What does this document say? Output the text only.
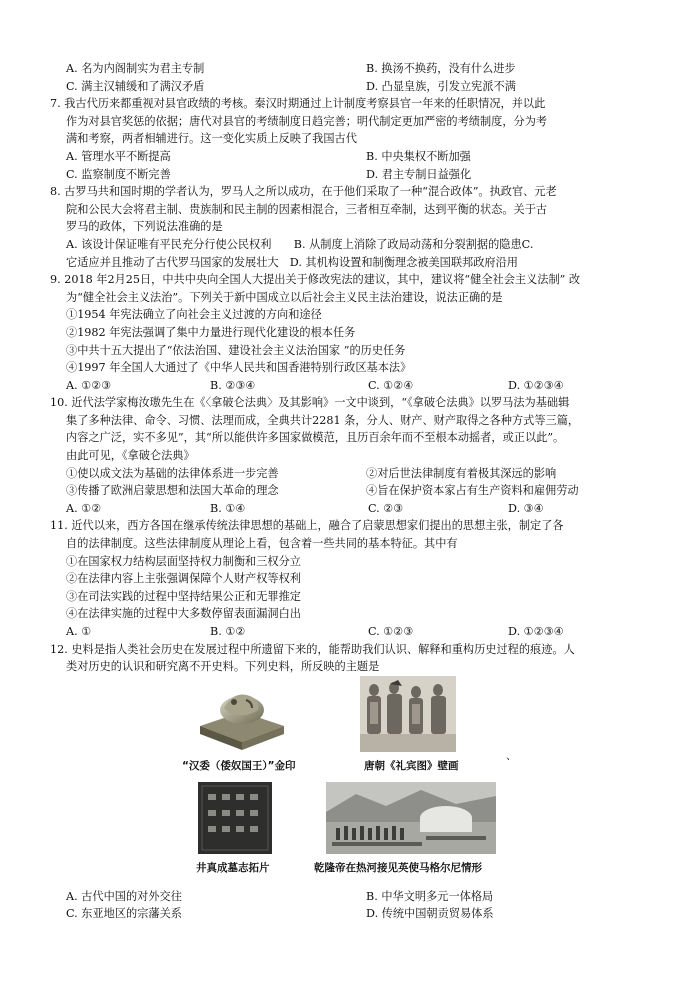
A. 名为内阁制实为君主专制	B. 换汤不换药，没有什么进步
C. 满主汉辅缓和了满汉矛盾	D. 凸显皇族，引发立宪派不满
7. 我古代历来都重视对县官政绩的考核。秦汉时期通过上计制度考察县官一年来的任职情况，并以此
作为对县官奖惩的依据；唐代对县官的考绩制度日趋完善；明代制定更加严密的考绩制度，分为考
满和考察，两者相辅进行。这一变化实质上反映了我国古代
A. 管理水平不断提高	B. 中央集权不断加强
C. 监察制度不断完善	D. 君主专制日益强化
8. 古罗马共和国时期的学者认为，罗马人之所以成功，在于他们采取了一种“混合政体”。执政官、元老
院和公民大会将君主制、贵族制和民主制的因素相混合，三者相互牵制，达到平衡的状态。关于古
罗马的政体，下列说法准确的是
A. 该设计保证唯有平民充分行使公民权利　　B. 从制度上消除了政局动荡和分裂割据的隐患C.
它适应并且推动了古代罗马国家的发展壮大　D. 其机构设置和制衡理念被美国联邦政府沿用
9. 2018 年2月25日，中共中央向全国人大提出关于修改宪法的建议，其中，建议将“健全社会主义法制” 改
为“健全社会主义法治”。下列关于新中国成立以后社会主义民主法治建设，说法正确的是
①1954 年宪法确立了向社会主义过渡的方向和途径
②1982 年宪法强调了集中力量进行现代化建设的根本任务
③中共十五大提出了“依法治国、建设社会主义法治国家 ”的历史任务
④1997 年全国人大通过了《中华人民共和国香港特别行政区基本法》
A. ①②③	B. ②③④	C. ①②④	D. ①②③④
10. 近代法学家梅汝璈先生在《〈拿破仑法典〉及其影响》一文中谈到，“《拿破仑法典》以罗马法为基础辑
集了多种法律、命令、习惯、法理而成，全典共计2281 条，分人、财产、财产取得之各种方式等三篇，
内容之广泛，实不多见”，其“所以能供许多国家做模范，且历百余年而不至根本动摇者，或正以此”。
由此可见，《拿破仑法典》
①使以成文法为基础的法律体系进一步完善	②对后世法律制度有着极其深远的影响
③传播了欧洲启蒙思想和法国大革命的理念	④旨在保护资本家占有生产资料和雇佣劳动
A. ①②	B. ①④	C. ②③	D. ③④
11. 近代以来，西方各国在继承传统法律思想的基础上，融合了启蒙思想家们提出的思想主张，制定了各
自的法律制度。这些法律制度从理论上看，包含着一些共同的基本特征。其中有
①在国家权力结构层面坚持权力制衡和三权分立
②在法律内容上主张强调保障个人财产权等权利
③在司法实践的过程中坚持结果公正和无罪推定
④在法律实施的过程中大多数停留表面漏洞白出
A. ①	B. ①②	C. ①②③	D. ①②③④
12. 史料是指人类社会历史在发展过程中所遗留下来的，能帮助我们认识、解释和重构历史过程的痕迹。人
类对历史的认识和研究离不开史料。下列史料，所反映的主题是
“汉委（倭奴国王）”金印	唐朝《礼宾图》壁画
、
井真成墓志拓片	乾隆帝在热河接见英使马格尔尼情形
A. 古代中国的对外交往	B. 中华文明多元一体格局
C. 东亚地区的宗藩关系	D. 传统中国朝贡贸易体系
